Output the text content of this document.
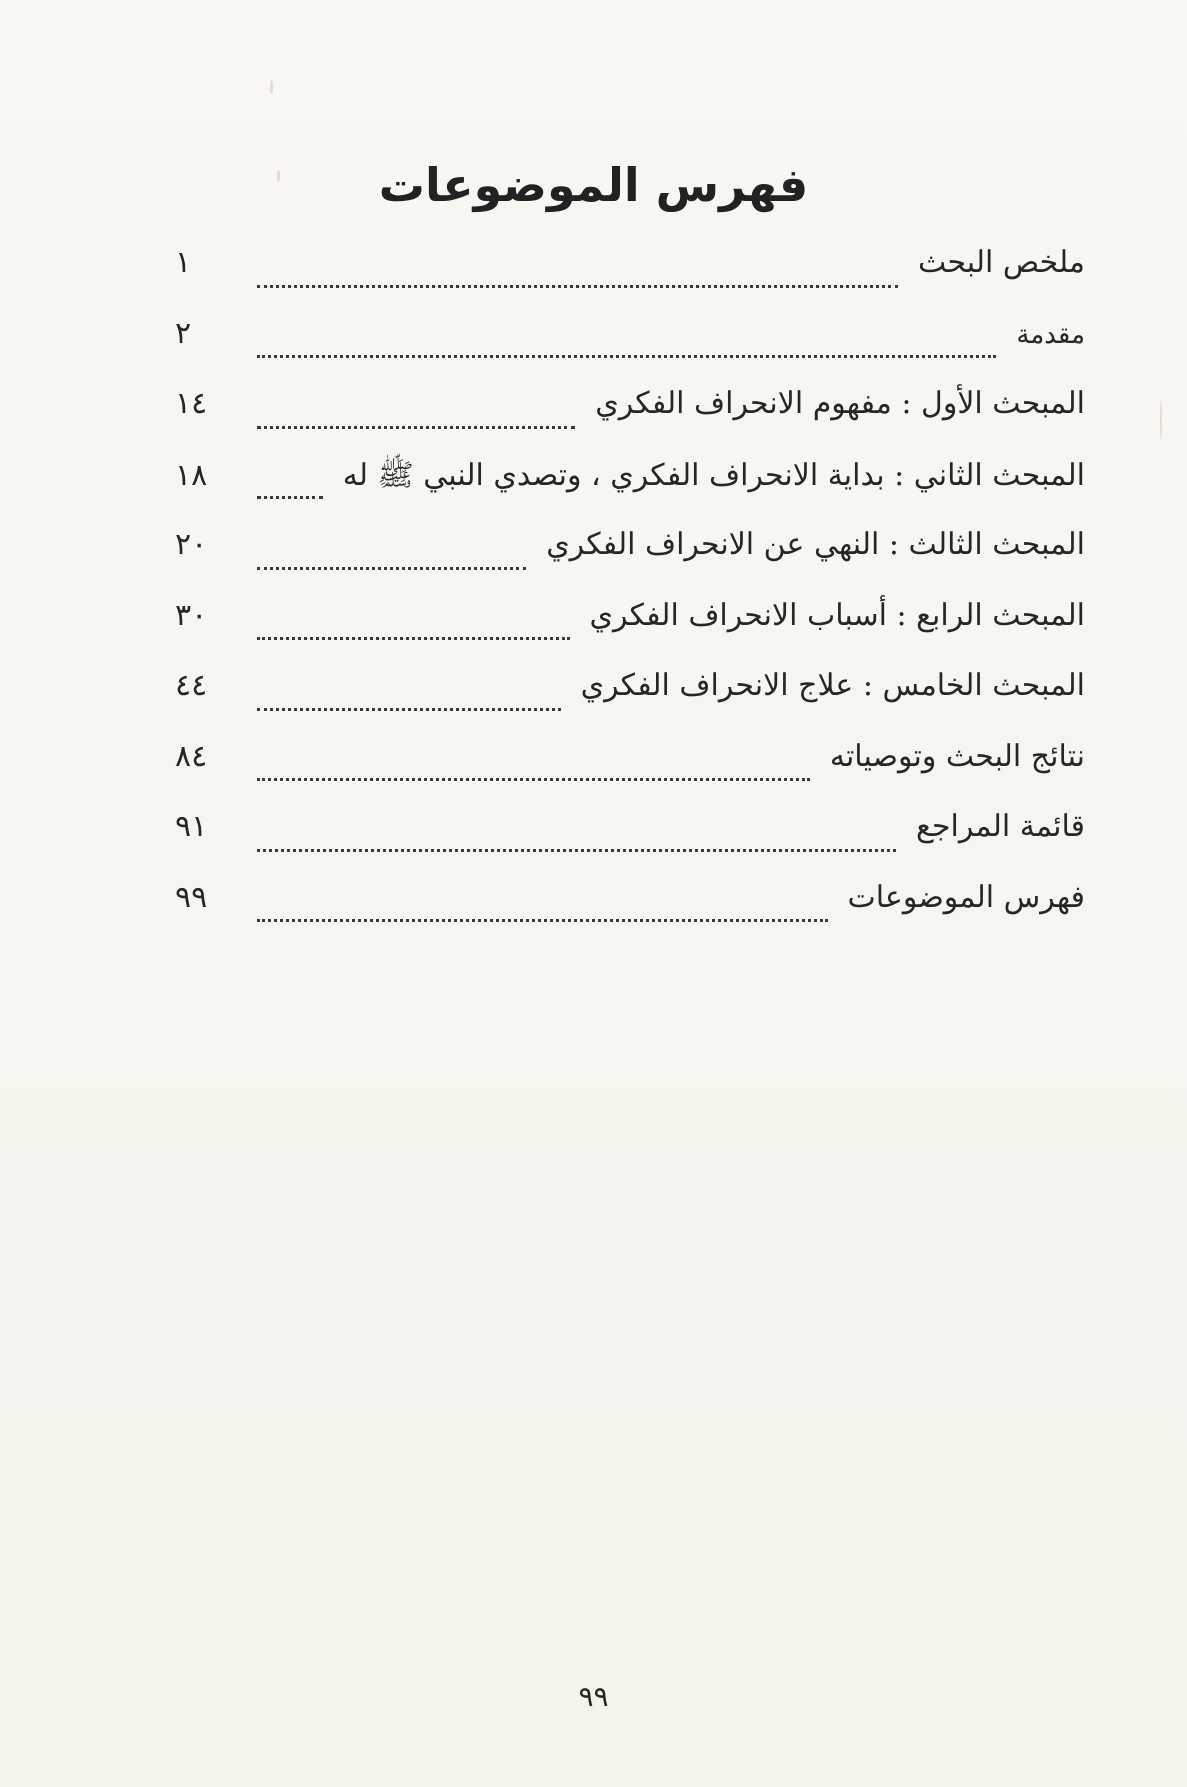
فهرس الموضوعات
ملخص البحث
١
مقدمة
٢
المبحث الأول : مفهوم الانحراف الفكري
١٤
المبحث الثاني : بداية الانحراف الفكري ، وتصدي النبي ﷺ له
١٨
المبحث الثالث : النهي عن الانحراف الفكري
٢٠
المبحث الرابع : أسباب الانحراف الفكري
٣٠
المبحث الخامس : علاج الانحراف الفكري
٤٤
نتائج البحث وتوصياته
٨٤
قائمة المراجع
٩١
فهرس الموضوعات
٩٩
٩٩
